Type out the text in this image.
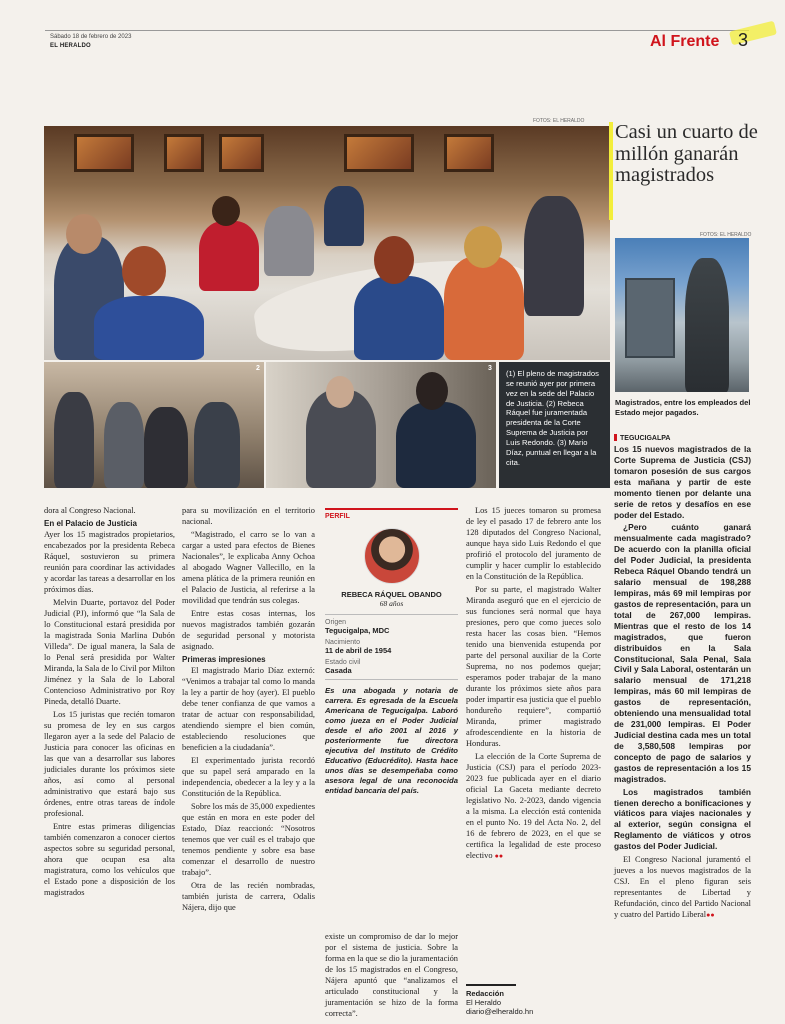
Sábado 18 de febrero de 2023
EL HERALDO	Al Frente 3
FOTOS: EL HERALDO
2	3
(1) El pleno de magistrados se reunió ayer por primera vez en la sede del Palacio de Justicia. (2) Rebeca Ráquel fue juramentada presidenta de la Corte Suprema de Justicia por Luis Redondo. (3) Mario Díaz, puntual en llegar a la cita.
Casi un cuarto de millón ganarán magistrados
FOTOS: EL HERALDO
Magistrados, entre los empleados del Estado mejor pagados.

dora al Congreso Nacional.

En el Palacio de Justicia

Ayer los 15 magistrados propietarios, encabezados por la presidenta Rebeca Ráquel, sostuvieron su primera reunión para coordinar las actividades y acordar las tareas a desarrollar en los próximos días.

Melvin Duarte, portavoz del Poder Judicial (PJ), informó que “la Sala de lo Constitucional estará presidida por la magistrada Sonia Marlina Dubón Villeda”. De igual manera, la Sala de lo Penal será presidida por Walter Miranda, la Sala de lo Civil por Milton Jiménez y la Sala de lo Laboral Contencioso Administrativo por Roy Pineda, detalló Duarte.

Los 15 juristas que recién tomaron su promesa de ley en sus cargos llegaron ayer a la sede del Palacio de Justicia para conocer las oficinas en las que van a desarrollar sus labores judiciales durante los próximos siete años, así como al personal administrativo que estará bajo sus órdenes, entre otras tareas de índole profesional.

Entre estas primeras diligencias también comenzaron a conocer ciertos aspectos sobre su seguridad personal, ahora que ocupan esa alta magistratura, como los vehículos que el Estado pone a disposición de los magistrados

para su movilización en el territorio nacional.

“Magistrado, el carro se lo van a cargar a usted para efectos de Bienes Nacionales”, le explicaba Anny Ochoa al abogado Wagner Vallecillo, en la amena plática de la primera reunión en el Palacio de Justicia, al referirse a la movilidad que tendrán sus colegas.

Entre estas cosas internas, los nuevos magistrados también gozarán de seguridad personal y motorista asignado.

Primeras impresiones

El magistrado Mario Díaz externó: “Venimos a trabajar tal como lo manda la ley a partir de hoy (ayer). El pueblo debe tener confianza de que vamos a tratar de actuar con responsabilidad, atendiendo siempre el bien común, estableciendo resoluciones que beneficien a la ciudadanía”.

El experimentado jurista recordó que su papel será amparado en la independencia, obedecer a la ley y a la Constitución de la República.

Sobre los más de 35,000 expedientes que están en mora en este poder del Estado, Díaz reaccionó: “Nosotros tenemos que ver cuál es el trabajo que tenemos pendiente y sobre esa base comenzar el desarrollo de nuestro trabajo”.

Otra de las recién nombradas, también jurista de carrera, Odalis Nájera, dijo que

PERFIL
REBECA RÁQUEL OBANDO
68 años
Origen
Tegucigalpa, MDC
Nacimiento
11 de abril de 1954
Estado civil
Casada
Es una abogada y notaria de carrera. Es egresada de la Escuela Americana de Tegucigalpa. Laboró como jueza en el Poder Judicial desde el año 2001 al 2016 y posteriormente fue directora ejecutiva del Instituto de Crédito Educativo (Educrédito). Hasta hace unos días se desempeñaba como asesora legal de una reconocida entidad bancaria del país.

existe un compromiso de dar lo mejor por el sistema de justicia. Sobre la forma en la que se dio la juramentación de los 15 magistrados en el Congreso, Nájera apuntó que “analizamos el articulado constitucional y la juramentación se hizo de la forma correcta”.

Los 15 jueces tomaron su promesa de ley el pasado 17 de febrero ante los 128 diputados del Congreso Nacional, aunque haya sido Luis Redondo el que profirió el protocolo del juramento de cumplir y hacer cumplir lo establecido en la Constitución de la República.

Por su parte, el magistrado Walter Miranda aseguró que en el ejercicio de sus funciones será normal que haya presiones, pero que como jueces solo resta hacer las cosas bien. “Hemos tenido una bienvenida estupenda por parte del personal auxiliar de la Corte Suprema, no nos podemos quejar; esperamos poder trabajar de la mano durante los próximos siete años para poder impartir esa justicia que el pueblo hondureño requiere”, compartió Miranda, primer magistrado afrodescendiente en la historia de Honduras.

La elección de la Corte Suprema de Justicia (CSJ) para el período 2023-2023 fue publicada ayer en el diario oficial La Gaceta mediante decreto legislativo No. 2-2023, dando vigencia a la misma. La elección está contenida en el punto No. 19 del Acta No. 2, del 16 de febrero de 2023, en el que se certifica la legalidad de este proceso electivo ●●

Redacción
El Heraldo
diario@elheraldo.hn
TEGUCIGALPA

Los 15 nuevos magistrados de la Corte Suprema de Justicia (CSJ) tomaron posesión de sus cargos esta mañana y partir de este momento tienen por delante una serie de retos y desafíos en ese poder del Estado.

¿Pero cuánto ganará mensualmente cada magistrado? De acuerdo con la planilla oficial del Poder Judicial, la presidenta Rebeca Ráquel Obando tendrá un salario mensual de 198,288 lempiras, más 69 mil lempiras por gastos de representación, para un total de 267,000 lempiras. Mientras que el resto de los 14 magistrados, que fueron distribuidos en la Sala Constitucional, Sala Penal, Sala Civil y Sala Laboral, ostentarán un salario mensual de 171,218 lempiras, más 60 mil lempiras de gastos de representación, obteniendo una mensualidad total de 231,000 lempiras. El Poder Judicial destina cada mes un total de 3,580,508 lempiras por concepto de pago de salarios y gastos de representación a los 15 magistrados.

Los magistrados también tienen derecho a bonificaciones y viáticos para viajes nacionales y al exterior, según consigna el Reglamento de viáticos y otros gastos del Poder Judicial.

El Congreso Nacional juramentó el jueves a los nuevos magistrados de la CSJ. En el pleno figuran seis representantes de Libertad y Refundación, cinco del Partido Nacional y cuatro del Partido Liberal●●
